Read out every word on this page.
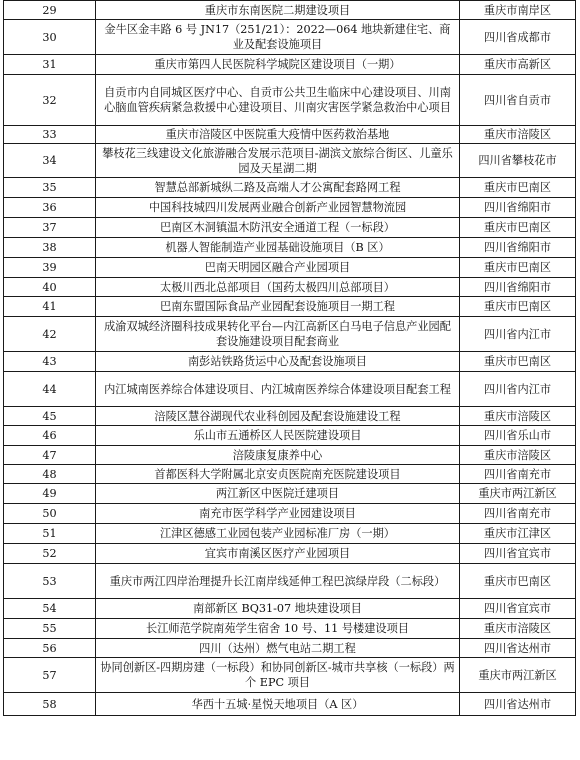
29	重庆市东南医院二期建设项目	重庆市南岸区
30	金牛区金丰路 6 号 JN17（251/21）：2022—064 地块新建住宅、商业及配套设施项目	四川省成都市
31	重庆市第四人民医院科学城院区建设项目（一期）	重庆市高新区
32	自贡市内自同城区医疗中心、自贡市公共卫生临床中心建设项目、川南心脑血管疾病紧急救援中心建设项目、川南灾害医学紧急救治中心项目	四川省自贡市
33	重庆市涪陵区中医院重大疫情中医药救治基地	重庆市涪陵区
34	攀枝花三线建设文化旅游融合发展示范项目-湖滨文旅综合街区、儿童乐园及天星湖二期	四川省攀枝花市
35	智慧总部新城纵二路及高端人才公寓配套路网工程	重庆市巴南区
36	中国科技城四川发展两业融合创新产业园智慧物流园	四川省绵阳市
37	巴南区木洞镇温木防汛安全通道工程（一标段）	重庆市巴南区
38	机器人智能制造产业园基础设施项目（B 区）	四川省绵阳市
39	巴南天明园区融合产业园项目	重庆市巴南区
40	太极川西北总部项目（国药太极四川总部项目）	四川省绵阳市
41	巴南东盟国际食品产业园配套设施项目一期工程	重庆市巴南区
42	成渝双城经济圈科技成果转化平台—内江高新区白马电子信息产业园配套设施建设项目配套商业	四川省内江市
43	南彭站铁路货运中心及配套设施项目	重庆市巴南区
44	内江城南医养综合体建设项目、内江城南医养综合体建设项目配套工程	四川省内江市
45	涪陵区慧谷湖现代农业科创园及配套设施建设工程	重庆市涪陵区
46	乐山市五通桥区人民医院建设项目	四川省乐山市
47	涪陵康复康养中心	重庆市涪陵区
48	首都医科大学附属北京安贞医院南充医院建设项目	四川省南充市
49	两江新区中医院迁建项目	重庆市两江新区
50	南充市医学科学产业园建设项目	四川省南充市
51	江津区德感工业园包装产业园标准厂房（一期）	重庆市江津区
52	宜宾市南溪区医疗产业园项目	四川省宜宾市
53	重庆市两江四岸治理提升长江南岸线延伸工程巴滨绿岸段（二标段）	重庆市巴南区
54	南部新区 BQ31-07 地块建设项目	四川省宜宾市
55	长江师范学院南苑学生宿舍 10 号、11 号楼建设项目	重庆市涪陵区
56	四川（达州）燃气电站二期工程	四川省达州市
57	协同创新区-四期房建（一标段）和协同创新区-城市共享核（一标段）两个 EPC 项目	重庆市两江新区
58	华西十五城·星悦天地项目（A 区）	四川省达州市
